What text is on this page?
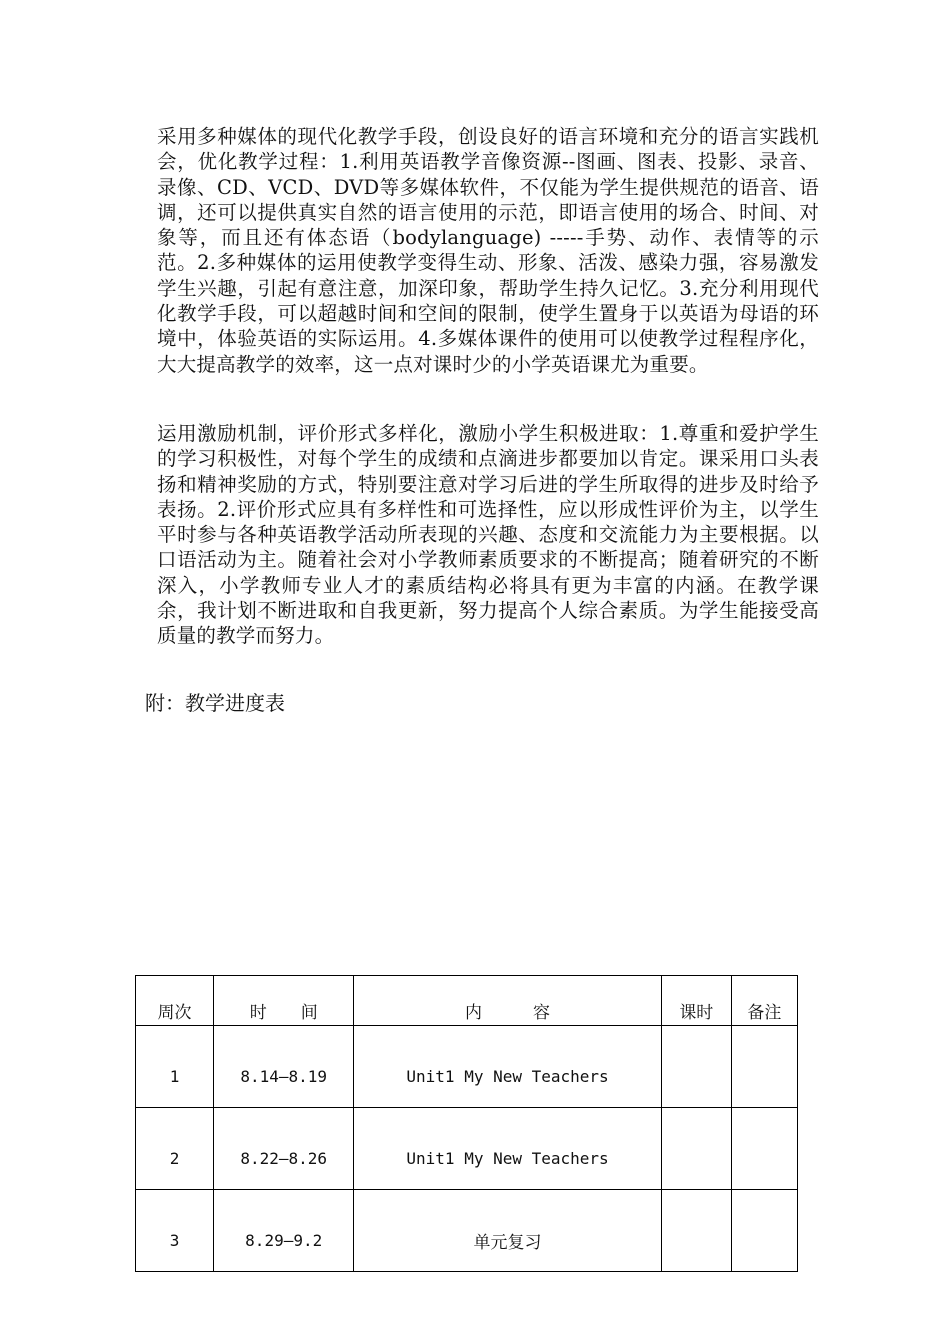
采用多种媒体的现代化教学手段，创设良好的语言环境和充分的语言实践机会，优化教学过程：1.利用英语教学音像资源--图画、图表、投影、录音、录像、CD、VCD、DVD等多媒体软件，不仅能为学生提供规范的语音、语调，还可以提供真实自然的语言使用的示范，即语言使用的场合、时间、对象等，而且还有体态语（bodylanguage) -----手势、动作、表情等的示范。2.多种媒体的运用使教学变得生动、形象、活泼、感染力强，容易激发学生兴趣，引起有意注意，加深印象，帮助学生持久记忆。3.充分利用现代化教学手段，可以超越时间和空间的限制，使学生置身于以英语为母语的环境中，体验英语的实际运用。4.多媒体课件的使用可以使教学过程程序化，大大提高教学的效率，这一点对课时少的小学英语课尤为重要。

运用激励机制，评价形式多样化，激励小学生积极进取：1.尊重和爱护学生的学习积极性，对每个学生的成绩和点滴进步都要加以肯定。课采用口头表扬和精神奖励的方式，特别要注意对学习后进的学生所取得的进步及时给予表扬。2.评价形式应具有多样性和可选择性，应以形成性评价为主，以学生平时参与各种英语教学活动所表现的兴趣、态度和交流能力为主要根据。以口语活动为主。随着社会对小学教师素质要求的不断提高；随着研究的不断深入，小学教师专业人才的素质结构必将具有更为丰富的内涵。在教学课余，我计划不断进取和自我更新，努力提高个人综合素质。为学生能接受高质量的教学而努力。

附：教学进度表

周次	时　　间	内　　　容	课时	备注
1	8.14—8.19	Unit1 My New Teachers		
2	8.22—8.26	Unit1 My New Teachers		
3	8.29—9.2	单元复习		
